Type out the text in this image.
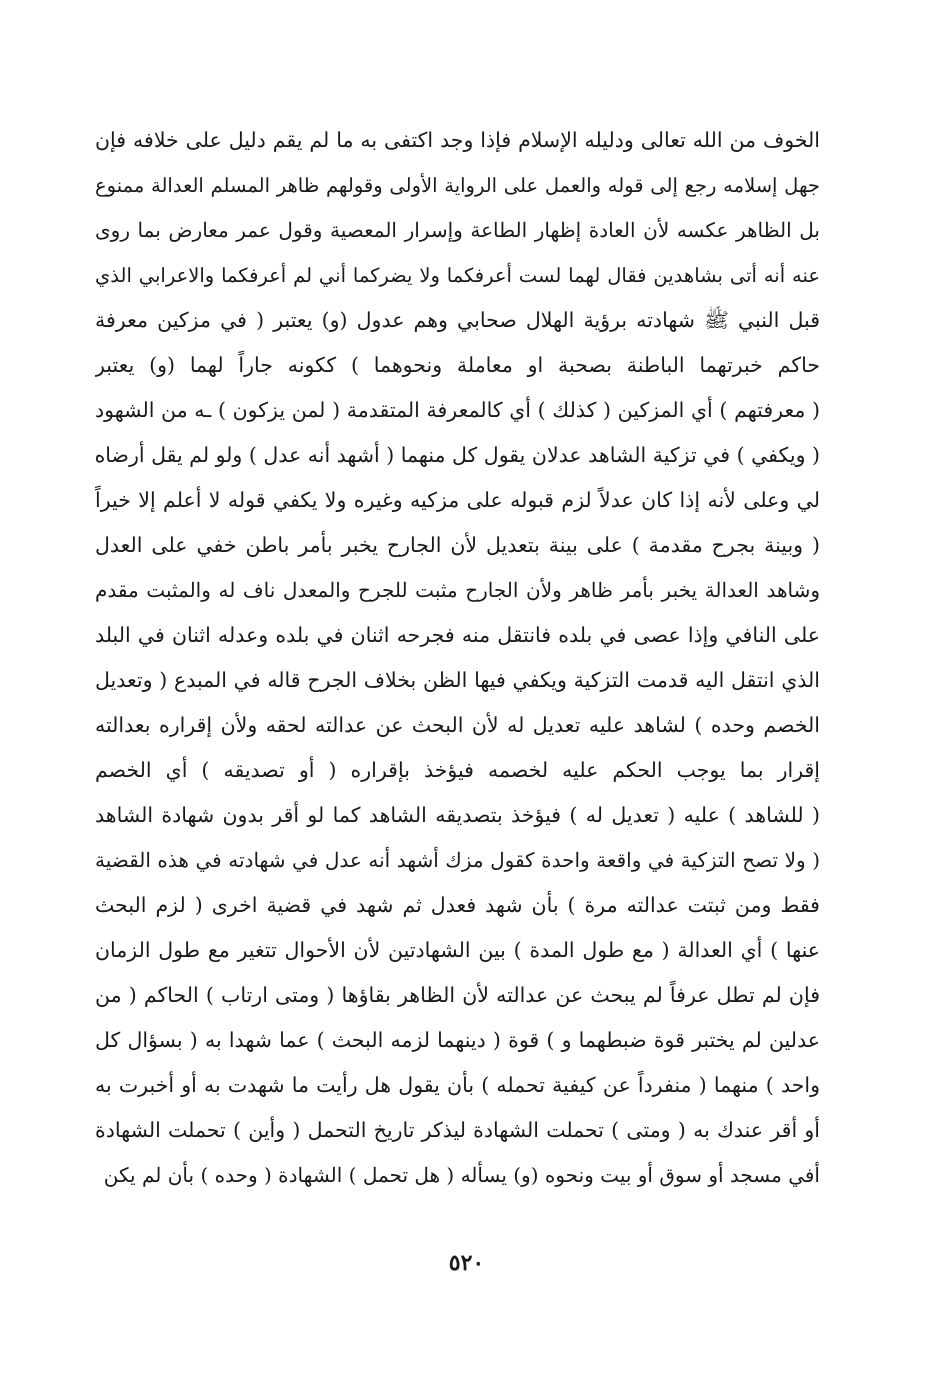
الخوف من الله تعالى ودليله الإسلام فإذا وجد اكتفى به ما لم يقم دليل على خلافه فإن
جهل إسلامه رجع إلى قوله والعمل على الرواية الأولى وقولهم ظاهر المسلم العدالة ممنوع
بل الظاهر عكسه لأن العادة إظهار الطاعة وإسرار المعصية وقول عمر معارض بما روى
عنه أنه أتى بشاهدين فقال لهما لست أعرفكما ولا يضركما أني لم أعرفكما والاعرابي الذي
قبل النبي ﷺ شهادته برؤية الهلال صحابي وهم عدول (و) يعتبر ( في مزكين معرفة
حاكم خبرتهما الباطنة بصحبة او معاملة ونحوهما ) ككونه جاراً لهما (و) يعتبر
( معرفتهم ) أي المزكين ( كذلك ) أي كالمعرفة المتقدمة ( لمن يزكون ) ـه من الشهود
( ويكفي ) في تزكية الشاهد عدلان يقول كل منهما ( أشهد أنه عدل ) ولو لم يقل أرضاه
لي وعلى لأنه إذا كان عدلاً لزم قبوله على مزكيه وغيره ولا يكفي قوله لا أعلم إلا خيراً
( وبينة بجرح مقدمة ) على بينة بتعديل لأن الجارح يخبر بأمر باطن خفي على العدل
وشاهد العدالة يخبر بأمر ظاهر ولأن الجارح مثبت للجرح والمعدل ناف له والمثبت مقدم
على النافي وإذا عصى في بلده فانتقل منه فجرحه اثنان في بلده وعدله اثنان في البلد
الذي انتقل اليه قدمت التزكية ويكفي فيها الظن بخلاف الجرح قاله في المبدع ( وتعديل
الخصم وحده ) لشاهد عليه تعديل له لأن البحث عن عدالته لحقه ولأن إقراره بعدالته
إقرار بما يوجب الحكم عليه لخصمه فيؤخذ بإقراره ( أو تصديقه ) أي الخصم
( للشاهد ) عليه ( تعديل له ) فيؤخذ بتصديقه الشاهد كما لو أقر بدون شهادة الشاهد
( ولا تصح التزكية في واقعة واحدة كقول مزك أشهد أنه عدل في شهادته في هذه القضية
فقط ومن ثبتت عدالته مرة ) بأن شهد فعدل ثم شهد في قضية اخرى ( لزم البحث
عنها ) أي العدالة ( مع طول المدة ) بين الشهادتين لأن الأحوال تتغير مع طول الزمان
فإن لم تطل عرفاً لم يبحث عن عدالته لأن الظاهر بقاؤها ( ومتى ارتاب ) الحاكم ( من
عدلين لم يختبر قوة ضبطهما و ) قوة ( دينهما لزمه البحث ) عما شهدا به ( بسؤال كل
واحد ) منهما ( منفرداً عن كيفية تحمله ) بأن يقول هل رأيت ما شهدت به أو أخبرت به
أو أقر عندك به ( ومتى ) تحملت الشهادة ليذكر تاريخ التحمل ( وأين ) تحملت الشهادة
أفي مسجد أو سوق أو بيت ونحوه (و) يسأله ( هل تحمل ) الشهادة ( وحده ) بأن لم يكن
٥٢٠
